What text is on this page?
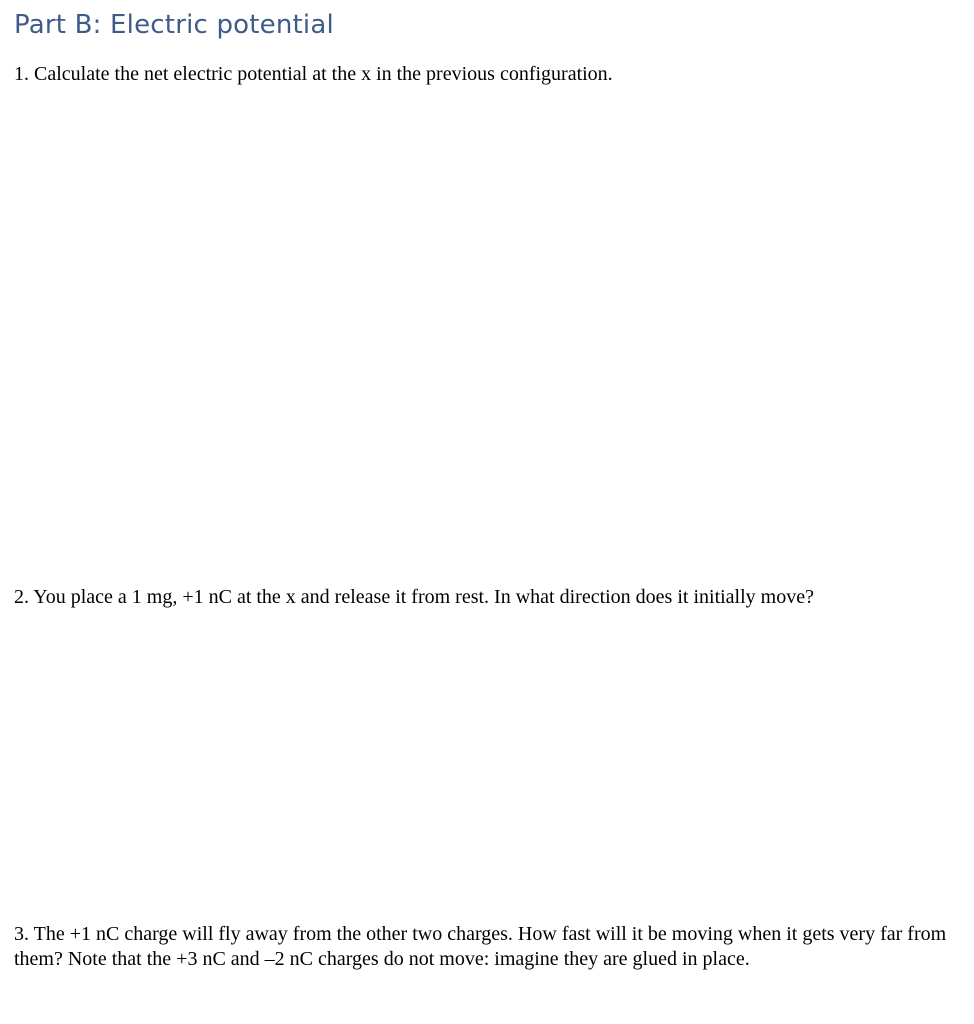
Part B: Electric potential

1. Calculate the net electric potential at the x in the previous configuration.

2. You place a 1 mg, +1 nC at the x and release it from rest. In what direction does it initially move?

3. The +1 nC charge will fly away from the other two charges. How fast will it be moving when it gets very far from them? Note that the +3 nC and –2 nC charges do not move: imagine they are glued in place.
